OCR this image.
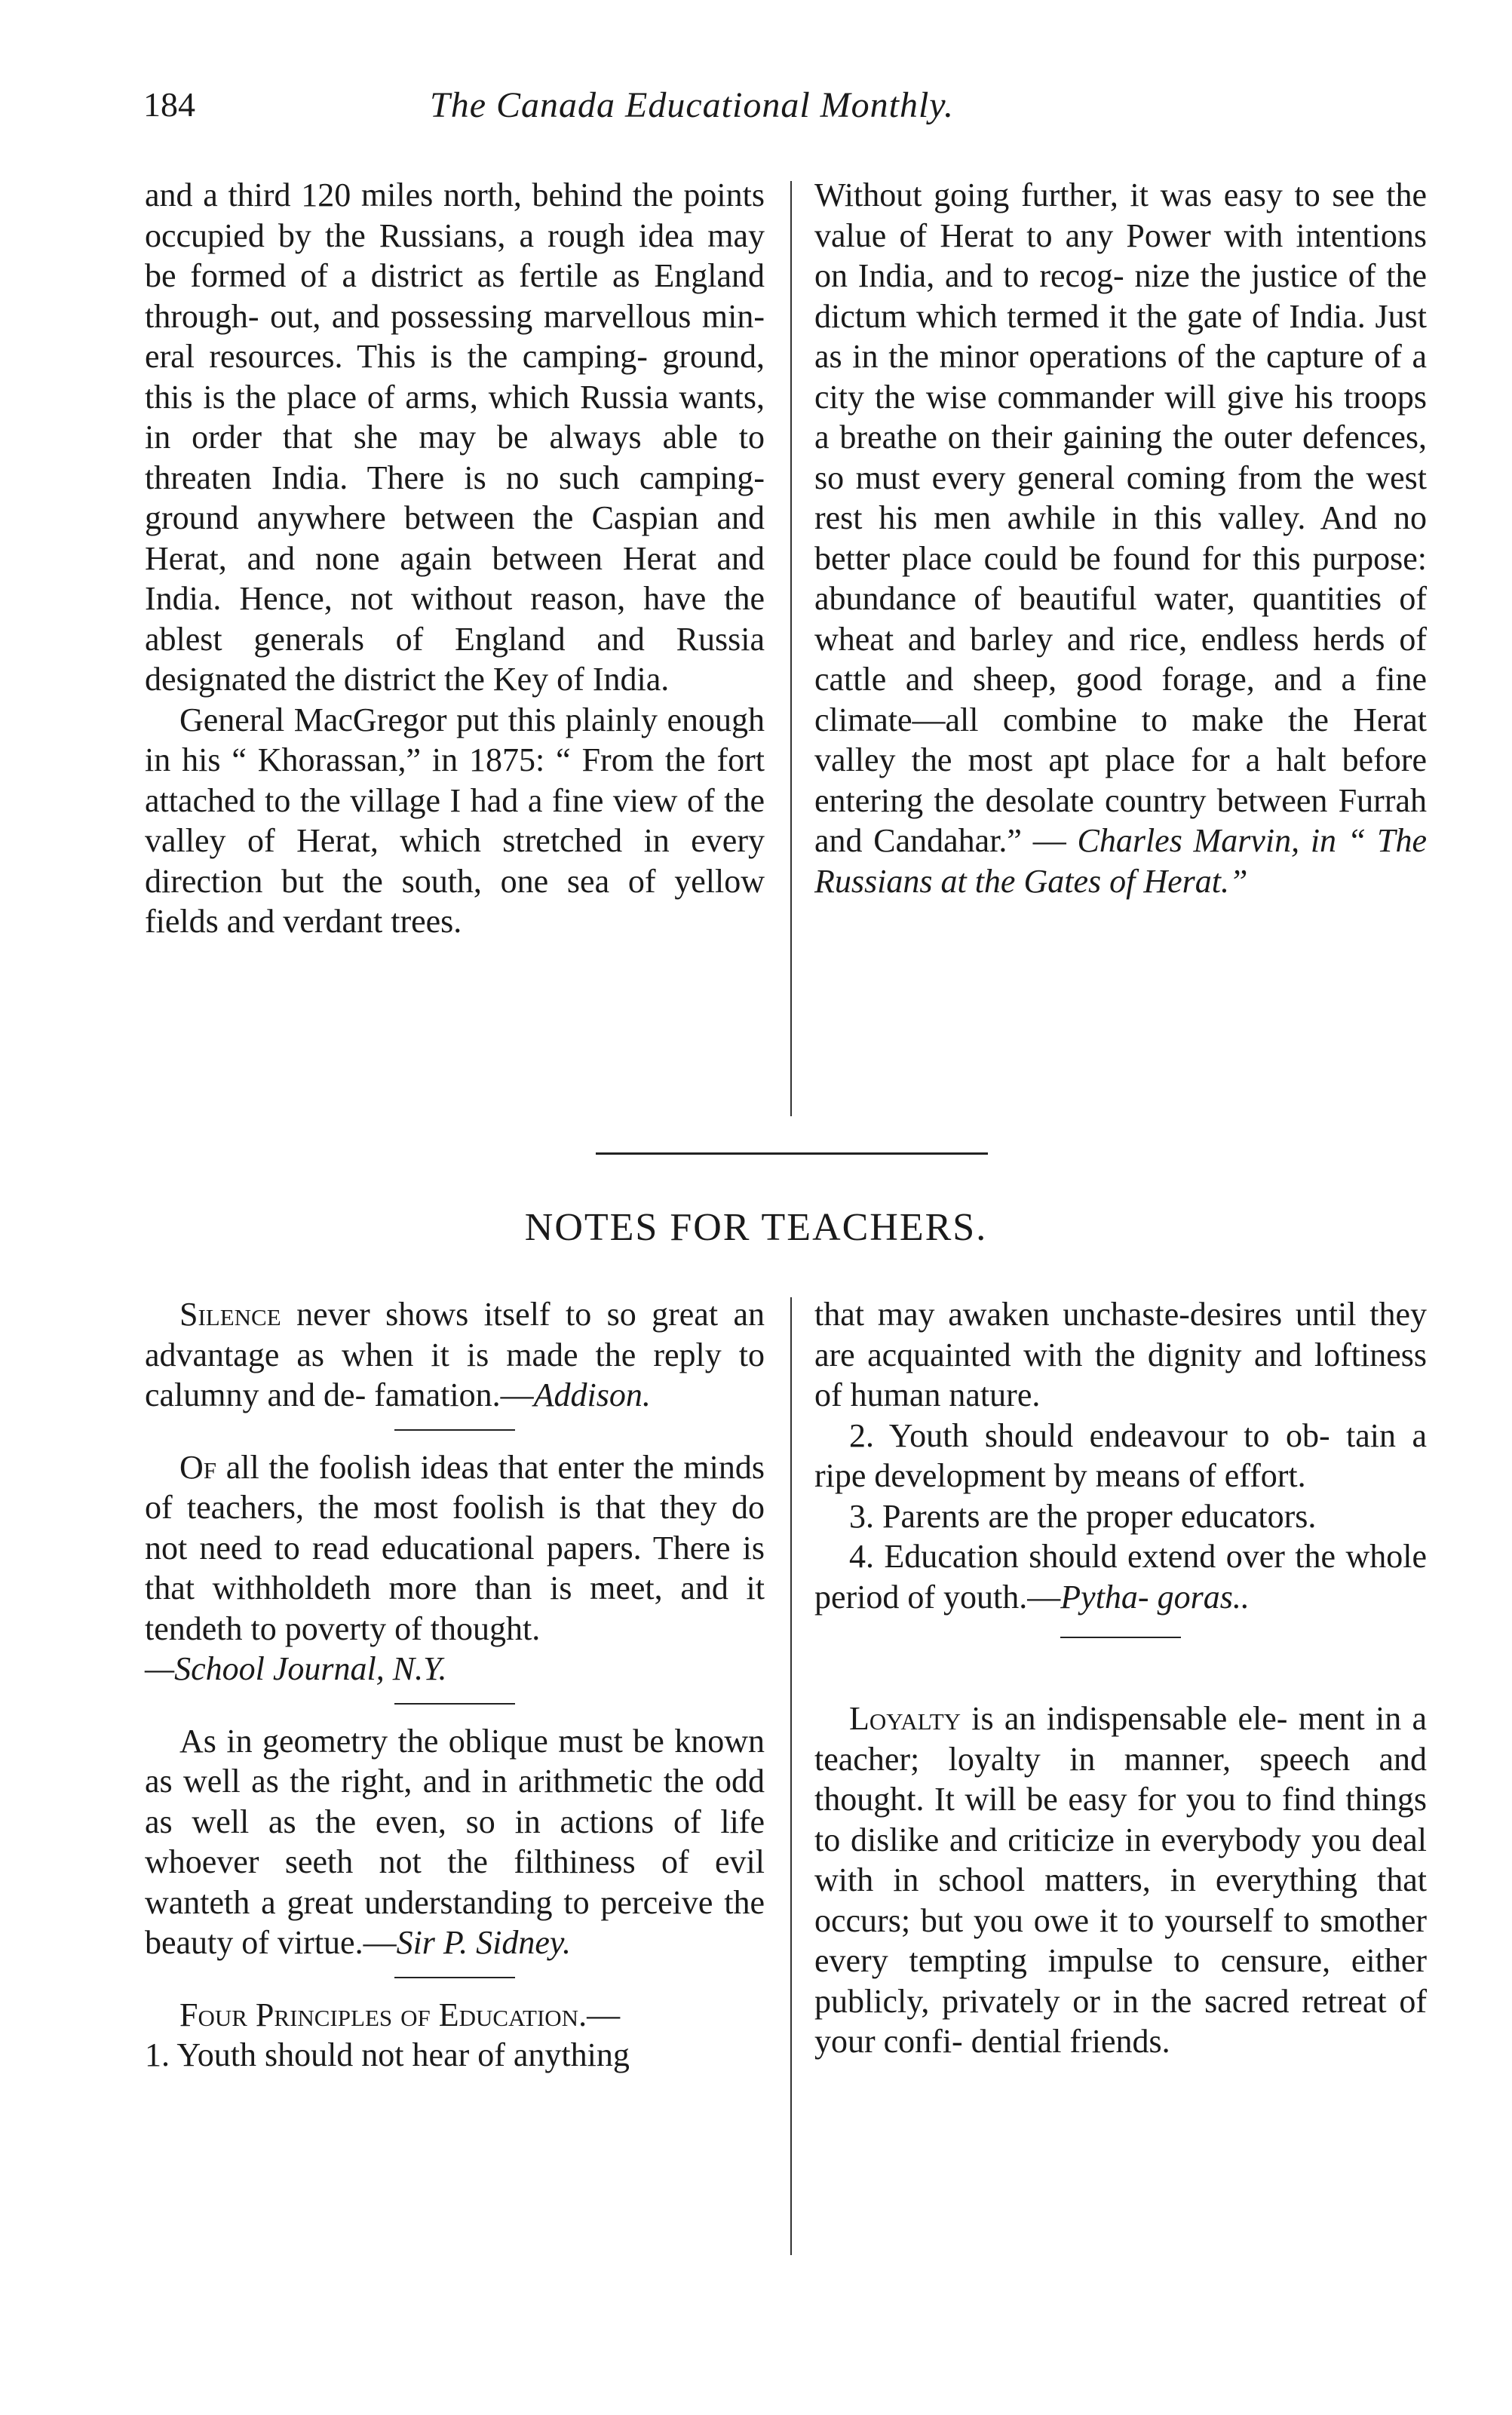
184	The Canada Educational Monthly.

and a third 120 miles north, behind the points occupied by the Russians, a rough idea may be formed of a district as fertile as England through- out, and possessing marvellous min- eral resources. This is the camping- ground, this is the place of arms, which Russia wants, in order that she may be always able to threaten India. There is no such camping-ground anywhere between the Caspian and Herat, and none again between Herat and India. Hence, not without reason, have the ablest generals of England and Russia designated the district the Key of India.

General MacGregor put this plainly enough in his “ Khorassan,” in 1875: “ From the fort attached to the village I had a fine view of the valley of Herat, which stretched in every direction but the south, one sea of yellow fields and verdant trees.

Without going further, it was easy to see the value of Herat to any Power with intentions on India, and to recog- nize the justice of the dictum which termed it the gate of India. Just as in the minor operations of the capture of a city the wise commander will give his troops a breathe on their gaining the outer defences, so must every general coming from the west rest his men awhile in this valley. And no better place could be found for this purpose: abundance of beautiful water, quantities of wheat and barley and rice, endless herds of cattle and sheep, good forage, and a fine climate—all combine to make the Herat valley the most apt place for a halt before entering the desolate country between Furrah and Candahar.” — Charles Marvin, in “ The Russians at the Gates of Herat.”

NOTES FOR TEACHERS.

Silence never shows itself to so great an advantage as when it is made the reply to calumny and de- famation.—Addison.

Of all the foolish ideas that enter the minds of teachers, the most foolish is that they do not need to read educational papers. There is that withholdeth more than is meet, and it tendeth to poverty of thought.

—School Journal, N.Y.

As in geometry the oblique must be known as well as the right, and in arithmetic the odd as well as the even, so in actions of life whoever seeth not the filthiness of evil wanteth a great understanding to perceive the beauty of virtue.—Sir P. Sidney.

Four Principles of Education.—

1. Youth should not hear of anything

that may awaken unchaste-desires until they are acquainted with the dignity and loftiness of human nature.

2. Youth should endeavour to ob- tain a ripe development by means of effort.

3. Parents are the proper educators.

4. Education should extend over the whole period of youth.—Pytha- goras..

Loyalty is an indispensable ele- ment in a teacher; loyalty in manner, speech and thought. It will be easy for you to find things to dislike and criticize in everybody you deal with in school matters, in everything that occurs; but you owe it to yourself to smother every tempting impulse to censure, either publicly, privately or in the sacred retreat of your confi- dential friends.
